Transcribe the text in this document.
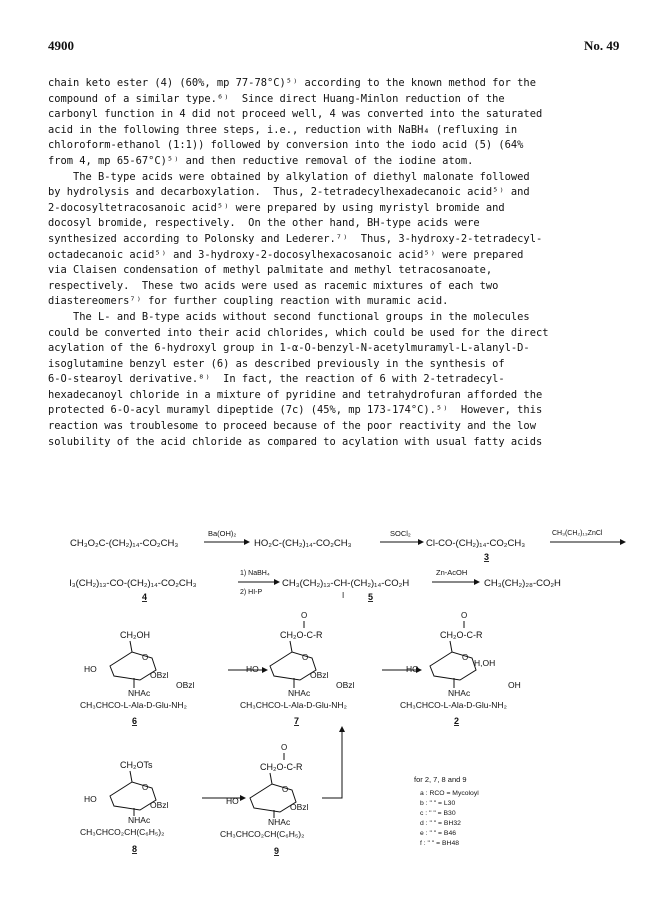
4900	No. 49
chain keto ester (4) (60%, mp 77-78°C)⁵⁾ according to the known method for the
compound of a similar type.⁶⁾  Since direct Huang-Minlon reduction of the
carbonyl function in 4 did not proceed well, 4 was converted into the saturated
acid in the following three steps, i.e., reduction with NaBH₄ (refluxing in
chloroform-ethanol (1:1)) followed by conversion into the iodo acid (5) (64%
from 4, mp 65-67°C)⁵⁾ and then reductive removal of the iodine atom.
The B-type acids were obtained by alkylation of diethyl malonate followed
by hydrolysis and decarboxylation.  Thus, 2-tetradecylhexadecanoic acid⁵⁾ and
2-docosyltetracosanoic acid⁵⁾ were prepared by using myristyl bromide and
docosyl bromide, respectively.  On the other hand, BH-type acids were
synthesized according to Polonsky and Lederer.⁷⁾  Thus, 3-hydroxy-2-tetradecyl-
octadecanoic acid⁵⁾ and 3-hydroxy-2-docosylhexacosanoic acid⁵⁾ were prepared
via Claisen condensation of methyl palmitate and methyl tetracosanoate,
respectively.  These two acids were used as racemic mixtures of each two
diastereomers⁷⁾ for further coupling reaction with muramic acid.
The L- and B-type acids without second functional groups in the molecules
could be converted into their acid chlorides, which could be used for the direct
acylation of the 6-hydroxyl group in 1-α-O-benzyl-N-acetylmuramyl-L-alanyl-D-
isoglutamine benzyl ester (6) as described previously in the synthesis of
6-O-stearoyl derivative.⁸⁾  In fact, the reaction of 6 with 2-tetradecyl-
hexadecanoyl chloride in a mixture of pyridine and tetrahydrofuran afforded the
protected 6-O-acyl muramyl dipeptide (7c) (45%, mp 173-174°C).⁵⁾  However, this
reaction was troublesome to proceed because of the poor reactivity and the low
solubility of the acid chloride as compared to acylation with usual fatty acids
CH₃O₂C-(CH₂)₁₄-CO₂CH₃
Ba(OH)₂
HO₂C-(CH₂)₁₄-CO₂CH₃
SOCl₂
Cl-CO-(CH₂)₁₄-CO₂CH₃
3
CH₃(CH₂)₁₃ZnCl
CH₃(CH₂)₁₃-CO-(CH₂)₁₄-CO₂CH₃
4
1) NaBH₄
2) HI-P
CH₃(CH₂)₁₃-CH-(CH₂)₁₄-CO₂H
I	5
Zn-AcOH
CH₃(CH₂)₂₈-CO₂H
CH₂OH
O
HO
OBzl
NHAc
OBzl
CH₃CHCO-L-Ala-D-Glu-NH₂
6
O
CH₂O-C-R
O
HO
OBzl
NHAc
OBzl
CH₃CHCO-L-Ala-D-Glu-NH₂
7
O
CH₂O-C-R
O
HO
H,OH
NHAc
OH
CH₃CHCO-L-Ala-D-Glu-NH₂
2
CH₂OTs
O
HO
OBzl
NHAc
CH₃CHCO₂CH(C₆H₅)₂
8
O
CH₂O-C-R
O
HO
OBzl
NHAc
CH₃CHCO₂CH(C₆H₅)₂
9
for 2, 7, 8 and 9
a : RCO = Mycoloyl
b : " " = L30
c : " " = B30
d : " " = BH32
e : " " = B46
f : " " = BH48
